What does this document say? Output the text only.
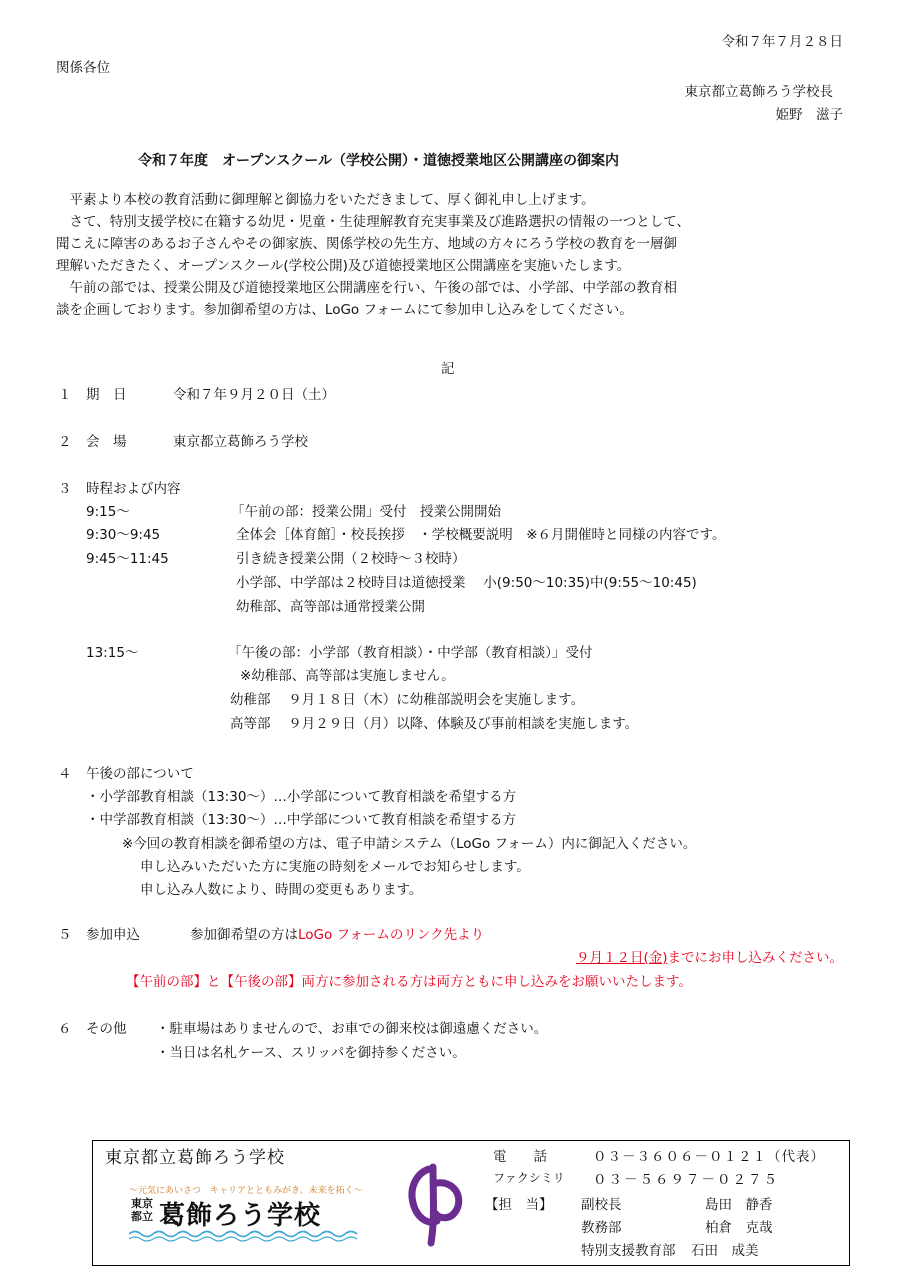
令和７年７月２８日
関係各位
東京都立葛飾ろう学校長
姫野　滋子
令和７年度　オープンスクール（学校公開）・道徳授業地区公開講座の御案内
　平素より本校の教育活動に御理解と御協力をいただきまして、厚く御礼申し上げます。
　さて、特別支援学校に在籍する幼児・児童・生徒理解教育充実事業及び進路選択の情報の一つとして、
聞こえに障害のあるお子さんやその御家族、関係学校の先生方、地域の方々にろう学校の教育を一層御
理解いただきたく、オープンスクール(学校公開)及び道徳授業地区公開講座を実施いたします。
　午前の部では、授業公開及び道徳授業地区公開講座を行い、午後の部では、小学部、中学部の教育相
談を企画しております。参加御希望の方は、LoGo フォームにて参加申し込みをしてください。
記
１ 期　日	令和７年９月２０日（土）
２ 会　場	東京都立葛飾ろう学校
３ 時程および内容
9:15～	「午前の部：授業公開」受付　授業公開開始
9:30～9:45	全体会［体育館］・校長挨拶　・学校概要説明　※６月開催時と同様の内容です。
9:45～11:45	引き続き授業公開（２校時～３校時）
小学部、中学部は２校時目は道徳授業　 小(9:50～10:35)中(9:55～10:45)
幼稚部、高等部は通常授業公開
13:15～	「午後の部：小学部（教育相談）・中学部（教育相談）」受付
※幼稚部、高等部は実施しません。
幼稚部　 ９月１８日（木）に幼稚部説明会を実施します。
高等部　 ９月２９日（月）以降、体験及び事前相談を実施します。
４ 午後の部について
・小学部教育相談（13:30～）…小学部について教育相談を希望する方
・中学部教育相談（13:30～）…中学部について教育相談を希望する方
※今回の教育相談を御希望の方は、電子申請システム（LoGo フォーム）内に御記入ください。
申し込みいただいた方に実施の時刻をメールでお知らせします。
申し込み人数により、時間の変更もあります。
５ 参加申込	参加御希望の方はLoGo フォームのリンク先より
９月１２日(金)までにお申し込みください。
【午前の部】と【午後の部】両方に参加される方は両方ともに申し込みをお願いいたします。
６ その他 ・駐車場はありませんので、お車での御来校は御遠慮ください。
・当日は名札ケース、スリッパを御持参ください。
東京都立葛飾ろう学校
～元気にあいさつ　キャリアとともみがき、未来を拓く～
東京
都立 葛飾ろう学校
電　　話	０３－３６０６－０１２１（代表）
ファクシミリ ０３－５６９７－０２７５
【担　当】 副校長	島田　静香
教務部	柏倉　克哉
特別支援教育部 石田　成美
